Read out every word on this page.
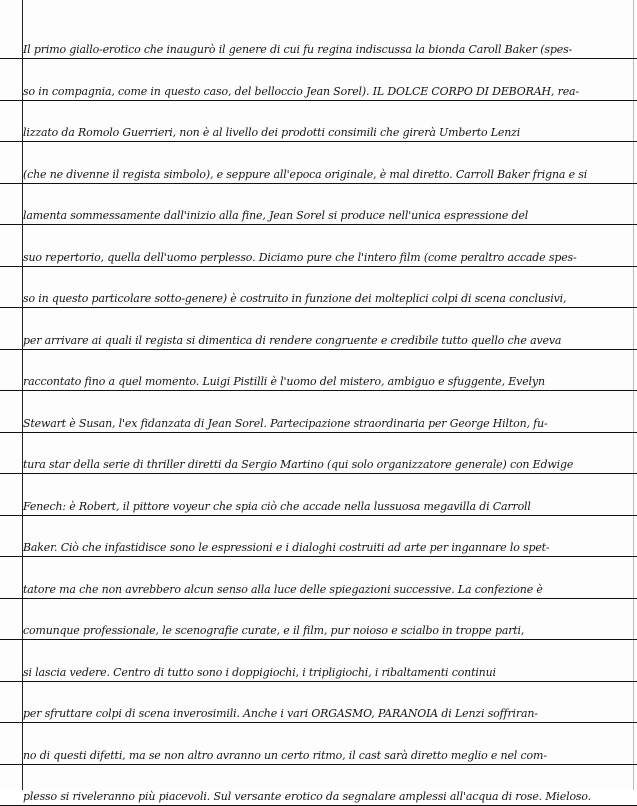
Il primo giallo-erotico che inaugurò il genere di cui fu regina indiscussa la bionda Caroll Baker (spes-
so in compagnia, come in questo caso, del belloccio Jean Sorel). IL DOLCE CORPO DI DEBORAH, rea-
lizzato da Romolo Guerrieri, non è al livello dei prodotti consimili che girerà Umberto Lenzi
(che ne divenne il regista simbolo), e seppure all'epoca originale, è mal diretto. Carroll Baker frigna e si
lamenta sommessamente dall'inizio alla fine, Jean Sorel si produce nell'unica espressione del
suo repertorio, quella dell'uomo perplesso. Diciamo pure che l'intero film (come peraltro accade spes-
so in questo particolare sotto-genere) è costruito in funzione dei molteplici colpi di scena conclusivi,
per arrivare ai quali il regista si dimentica di rendere congruente e credibile tutto quello che aveva
raccontato fino a quel momento. Luigi Pistilli è l'uomo del mistero, ambiguo e sfuggente, Evelyn
Stewart è Susan, l'ex fidanzata di Jean Sorel. Partecipazione straordinaria per George Hilton, fu-
tura star della serie di thriller diretti da Sergio Martino (qui solo organizzatore generale) con Edwige
Fenech: è Robert, il pittore voyeur che spia ciò che accade nella lussuosa megavilla di Carroll
Baker. Ciò che infastidisce sono le espressioni e i dialoghi costruiti ad arte per ingannare lo spet-
tatore ma che non avrebbero alcun senso alla luce delle spiegazioni successive. La confezione è
comunque professionale, le scenografie curate, e il film, pur noioso e scialbo in troppe parti,
si lascia vedere. Centro di tutto sono i doppigiochi, i tripligiochi, i ribaltamenti continui
per sfruttare colpi di scena inverosimili. Anche i vari ORGASMO, PARANOIA di Lenzi soffriran-
no di questi difetti, ma se non altro avranno un certo ritmo, il cast sarà diretto meglio e nel com-
plesso si riveleranno più piacevoli. Sul versante erotico da segnalare amplessi all'acqua di rose. Mieloso.
